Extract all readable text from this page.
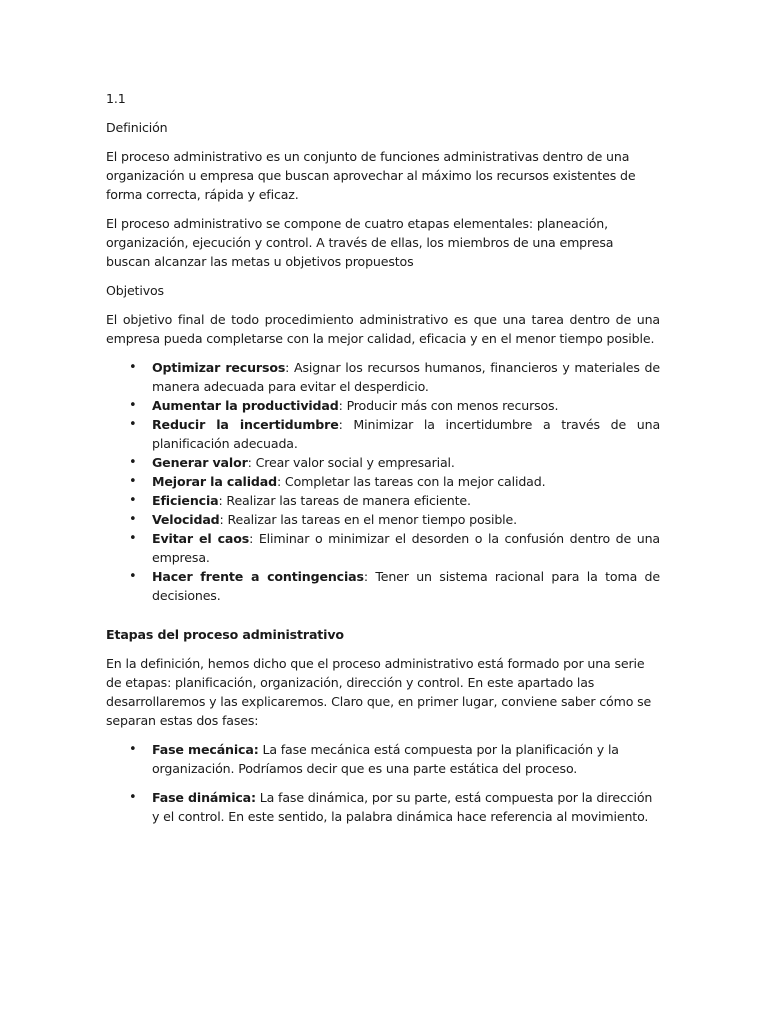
1.1

Definición

El proceso administrativo es un conjunto de funciones administrativas dentro de una organización u empresa que buscan aprovechar al máximo los recursos existentes de forma correcta, rápida y eficaz.

El proceso administrativo se compone de cuatro etapas elementales: planeación, organización, ejecución y control. A través de ellas, los miembros de una empresa buscan alcanzar las metas u objetivos propuestos

Objetivos

El objetivo final de todo procedimiento administrativo es que una tarea dentro de una empresa pueda completarse con la mejor calidad, eficacia y en el menor tiempo posible.

• Optimizar recursos: Asignar los recursos humanos, financieros y materiales de manera adecuada para evitar el desperdicio.
• Aumentar la productividad: Producir más con menos recursos.
• Reducir la incertidumbre: Minimizar la incertidumbre a través de una planificación adecuada.
• Generar valor: Crear valor social y empresarial.
• Mejorar la calidad: Completar las tareas con la mejor calidad.
• Eficiencia: Realizar las tareas de manera eficiente.
• Velocidad: Realizar las tareas en el menor tiempo posible.
• Evitar el caos: Eliminar o minimizar el desorden o la confusión dentro de una empresa.
• Hacer frente a contingencias: Tener un sistema racional para la toma de decisiones.

Etapas del proceso administrativo

En la definición, hemos dicho que el proceso administrativo está formado por una serie de etapas: planificación, organización, dirección y control. En este apartado las desarrollaremos y las explicaremos. Claro que, en primer lugar, conviene saber cómo se separan estas dos fases:

• Fase mecánica: La fase mecánica está compuesta por la planificación y la organización. Podríamos decir que es una parte estática del proceso.
• Fase dinámica: La fase dinámica, por su parte, está compuesta por la dirección y el control. En este sentido, la palabra dinámica hace referencia al movimiento.
